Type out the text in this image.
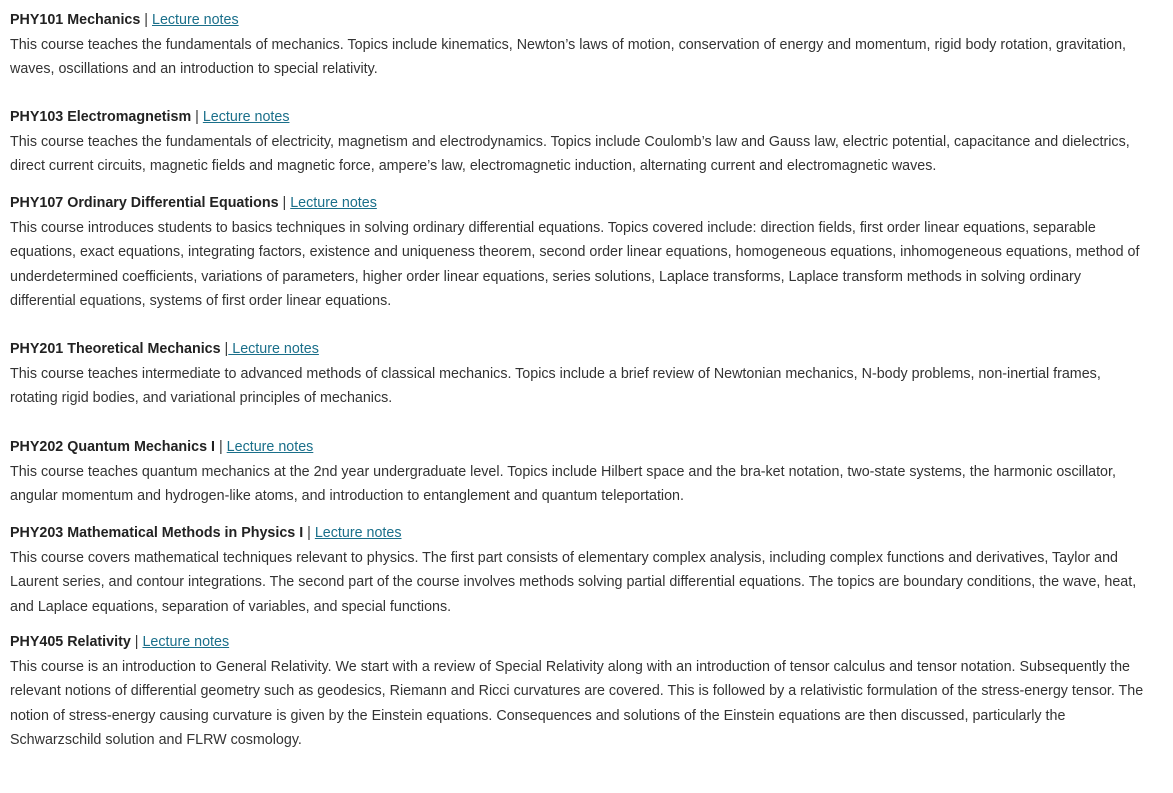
PHY101 Mechanics | Lecture notes

This course teaches the fundamentals of mechanics. Topics include kinematics, Newton’s laws of motion, conservation of energy and momentum, rigid body rotation, gravitation, waves, oscillations and an introduction to special relativity.

PHY103 Electromagnetism | Lecture notes

This course teaches the fundamentals of electricity, magnetism and electrodynamics. Topics include Coulomb’s law and Gauss law, electric potential, capacitance and dielectrics, direct current circuits, magnetic fields and magnetic force, ampere’s law, electromagnetic induction, alternating current and electromagnetic waves.

PHY107 Ordinary Differential Equations | Lecture notes

This course introduces students to basics techniques in solving ordinary differential equations. Topics covered include: direction fields, first order linear equations, separable equations, exact equations, integrating factors, existence and uniqueness theorem, second order linear equations, homogeneous equations, inhomogeneous equations, method of underdetermined coefficients, variations of parameters, higher order linear equations, series solutions, Laplace transforms, Laplace transform methods in solving ordinary differential equations, systems of first order linear equations.

PHY201 Theoretical Mechanics | Lecture notes

This course teaches intermediate to advanced methods of classical mechanics. Topics include a brief review of Newtonian mechanics, N-body problems, non-inertial frames, rotating rigid bodies, and variational principles of mechanics.

PHY202 Quantum Mechanics I | Lecture notes

This course teaches quantum mechanics at the 2nd year undergraduate level. Topics include Hilbert space and the bra-ket notation, two-state systems, the harmonic oscillator, angular momentum and hydrogen-like atoms, and introduction to entanglement and quantum teleportation.

PHY203 Mathematical Methods in Physics I | Lecture notes

This course covers mathematical techniques relevant to physics. The first part consists of elementary complex analysis, including complex functions and derivatives, Taylor and Laurent series, and contour integrations. The second part of the course involves methods solving partial differential equations. The topics are boundary conditions, the wave, heat, and Laplace equations, separation of variables, and special functions.

PHY405 Relativity | Lecture notes

This course is an introduction to General Relativity. We start with a review of Special Relativity along with an introduction of tensor calculus and tensor notation. Subsequently the relevant notions of differential geometry such as geodesics, Riemann and Ricci curvatures are covered. This is followed by a relativistic formulation of the stress-energy tensor. The notion of stress-energy causing curvature is given by the Einstein equations. Consequences and solutions of the Einstein equations are then discussed, particularly the Schwarzschild solution and FLRW cosmology.
